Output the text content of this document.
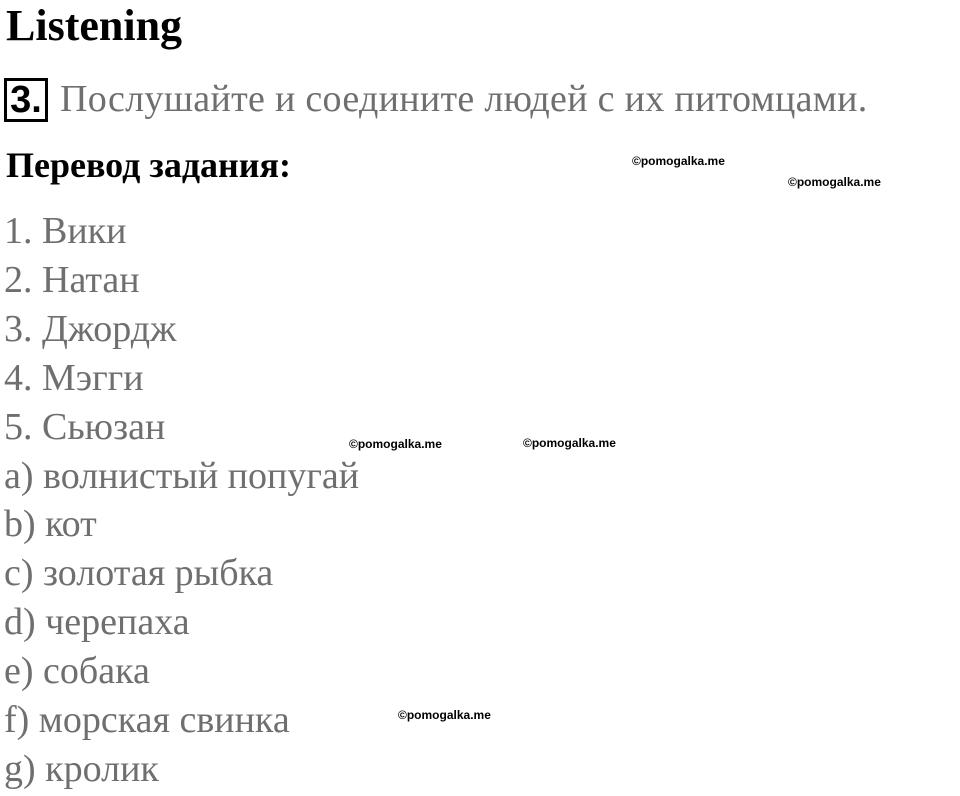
Listening
3. Послушайте и соедините людей с их питомцами.
Перевод задания:
1. Вики
2. Натан
3. Джордж
4. Мэгги
5. Сьюзан
a) волнистый попугай
b) кот
c) золотая рыбка
d) черепаха
e) собака
f) морская свинка
g) кролик
©pomogalka.me
©pomogalka.me
©pomogalka.me	©pomogalka.me
©pomogalka.me
